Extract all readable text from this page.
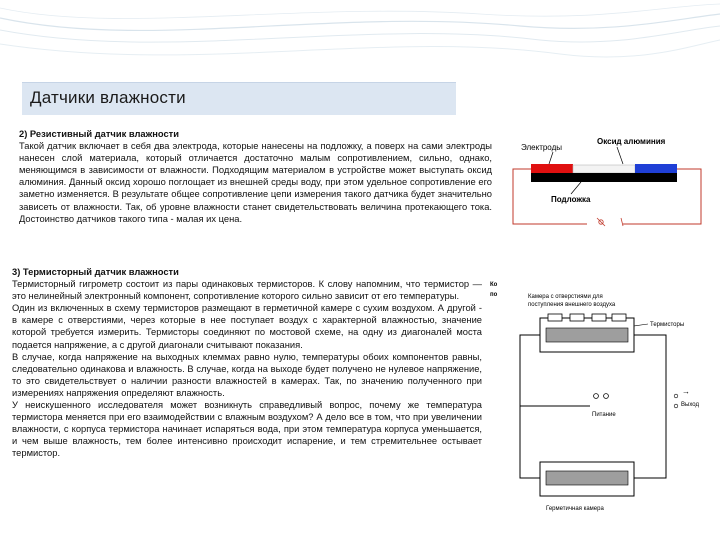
Датчики влажности
2) Резистивный датчик влажности
Такой датчик включает в себя два электрода, которые нанесены на подложку, а поверх на сами электроды нанесен слой материала, который отличается достаточно малым сопротивлением, сильно, однако, меняющимся в зависимости от влажности. Подходящим материалом в устройстве может выступать оксид алюминия. Данный оксид хорошо поглощает из внешней среды воду, при этом удельное сопротивление его заметно изменяется. В результате общее сопротивление цепи измерения такого датчика будет значительно зависеть от влажности. Так, об уровне влажности станет свидетельствовать величина протекающего тока. Достоинство датчиков такого типа - малая их цена.
Электроды
Оксид алюминия
Подложка
3) Термисторный датчик влажности
Термисторный гигрометр состоит из пары одинаковых термисторов. К слову напомним, что термистор — это нелинейный электронный компонент, сопротивление которого сильно зависит от его температуры.
Один из включенных в схему термисторов размещают в герметичной камере с сухим воздухом. А другой - в камере с отверстиями, через которые в нее поступает воздух с характерной влажностью, значение которой требуется измерить. Термисторы соединяют по мостовой схеме, на одну из диагоналей моста подается напряжение, а с другой диагонали считывают показания.
В случае, когда напряжение на выходных клеммах равно нулю, температуры обоих компонентов равны, следовательно одинакова и влажность. В случае, когда на выходе будет получено не нулевое напряжение, то это свидетельствует о наличии разности влажностей в камерах. Так, по значению полученного при измерениях напряжения определяют влажность.
У неискушенного исследователя может возникнуть справедливый вопрос, почему же температура термистора меняется при его взаимодействии с влажным воздухом? А дело все в том, что при увеличении влажности, с корпуса термистора начинает испаряться вода, при этом температура корпуса уменьшается, и чем выше влажность, тем более интенсивно происходит испарение, и тем стремительнее остывает термистор.
Ко
по	Камера с отверстиями для
поступления внешнего воздуха
Термисторы
Питание
→
Выход
Герметичная камера
